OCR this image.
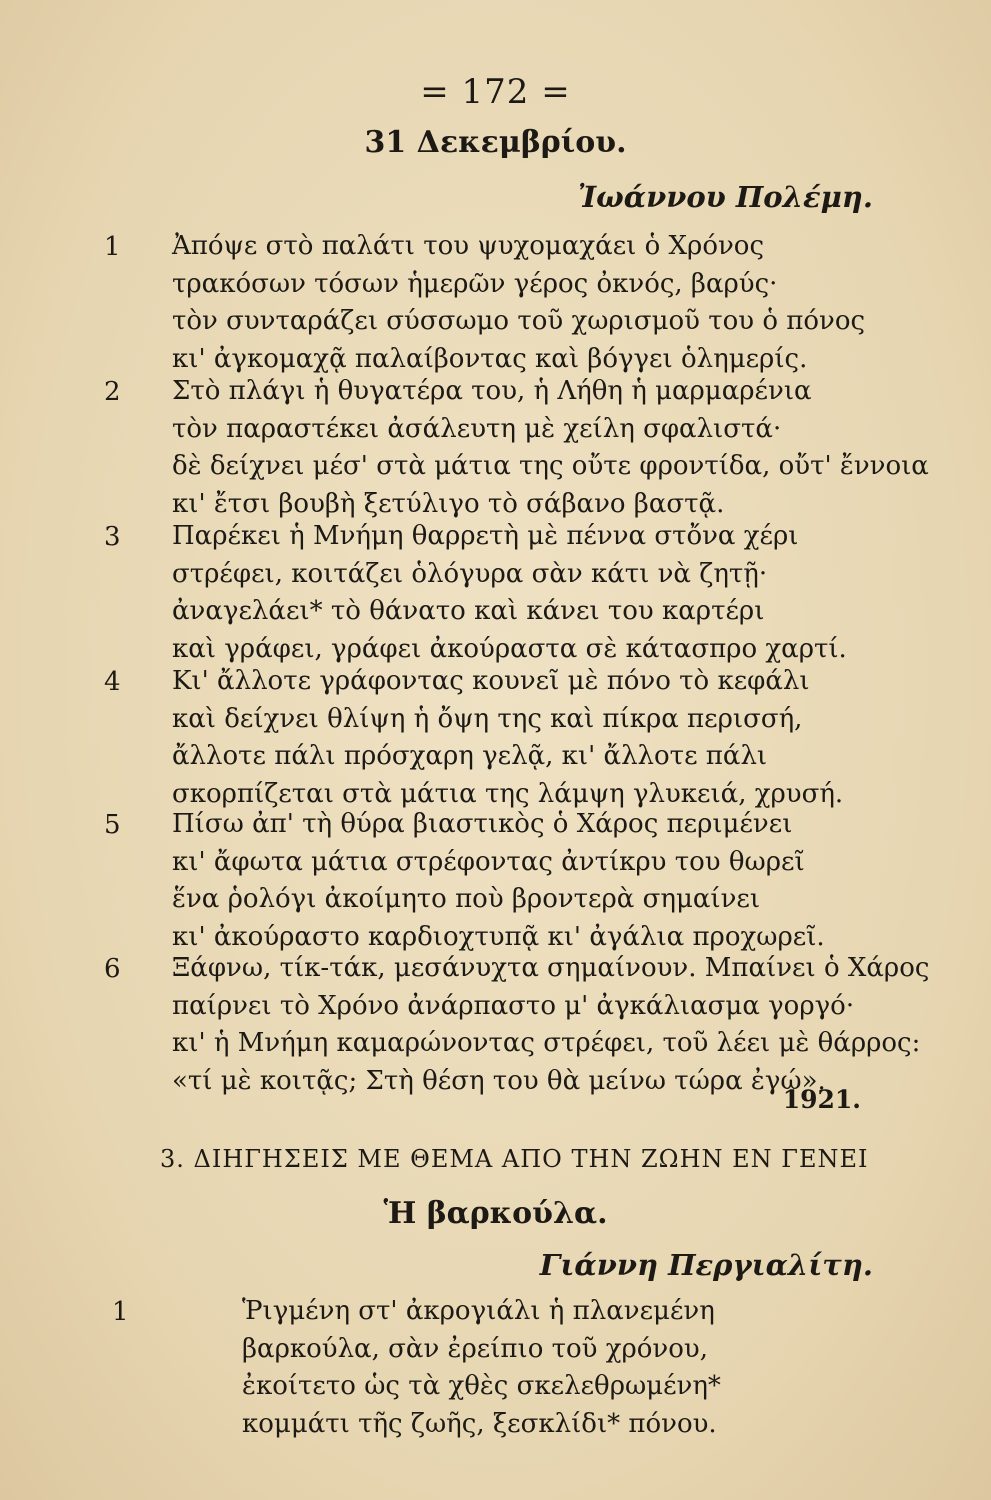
= 172 =
31 Δεκεμβρίου.
Ἰωάννου Πολέμη.
1 Ἀπόψε στὸ παλάτι του ψυχομαχάει ὁ Χρόνος
τρακόσων τόσων ἡμερῶν γέρος ὀκνός, βαρύς·
τὸν συνταράζει σύσσωμο τοῦ χωρισμοῦ του ὁ πόνος
κι' ἀγκομαχᾷ παλαίβοντας καὶ βόγγει ὁλημερίς.
2 Στὸ πλάγι ἡ θυγατέρα του, ἡ Λήθη ἡ μαρμαρένια
τὸν παραστέκει ἀσάλευτη μὲ χείλη σφαλιστά·
δὲ δείχνει μέσ' στὰ μάτια της οὔτε φροντίδα, οὔτ' ἔννοια
κι' ἔτσι βουβὴ ξετύλιγο τὸ σάβανο βαστᾷ.
3 Παρέκει ἡ Μνήμη θαρρετὴ μὲ πέννα στὄνα χέρι
στρέφει, κοιτάζει ὁλόγυρα σὰν κάτι νὰ ζητῇ·
ἀναγελάει* τὸ θάνατο καὶ κάνει του καρτέρι
καὶ γράφει, γράφει ἀκούραστα σὲ κάτασπρο χαρτί.
4 Κι' ἄλλοτε γράφοντας κουνεῖ μὲ πόνο τὸ κεφάλι
καὶ δείχνει θλίψη ἡ ὄψη της καὶ πίκρα περισσή,
ἄλλοτε πάλι πρόσχαρη γελᾷ, κι' ἄλλοτε πάλι
σκορπίζεται στὰ μάτια της λάμψη γλυκειά, χρυσή.
5 Πίσω ἀπ' τὴ θύρα βιαστικὸς ὁ Χάρος περιμένει
κι' ἄφωτα μάτια στρέφοντας ἀντίκρυ του θωρεῖ
ἕνα ῥολόγι ἀκοίμητο ποὺ βροντερὰ σημαίνει
κι' ἀκούραστο καρδιοχτυπᾷ κι' ἀγάλια προχωρεῖ.
6 Ξάφνω, τίκ-τάκ, μεσάνυχτα σημαίνουν. Μπαίνει ὁ Χάρος
παίρνει τὸ Χρόνο ἀνάρπαστο μ' ἀγκάλιασμα γοργό·
κι' ἡ Μνήμη καμαρώνοντας στρέφει, τοῦ λέει μὲ θάρρος:
«τί μὲ κοιτᾷς; Στὴ θέση του θὰ μείνω τώρα ἐγώ».
1921.
3. ΔΙΗΓΗΣΕΙΣ ΜΕ ΘΕΜΑ ΑΠΟ ΤΗΝ ΖΩΗΝ ΕΝ ΓΕΝΕΙ
Ἡ βαρκούλα.
Γιάννη Περγιαλίτη.
1	Ῥιγμένη στ' ἀκρογιάλι ἡ πλανεμένη
βαρκούλα, σὰν ἐρείπιο τοῦ χρόνου,
ἐκοίτετο ὡς τὰ χθὲς σκελεθρωμένη*
κομμάτι τῆς ζωῆς, ξεσκλίδι* πόνου.
